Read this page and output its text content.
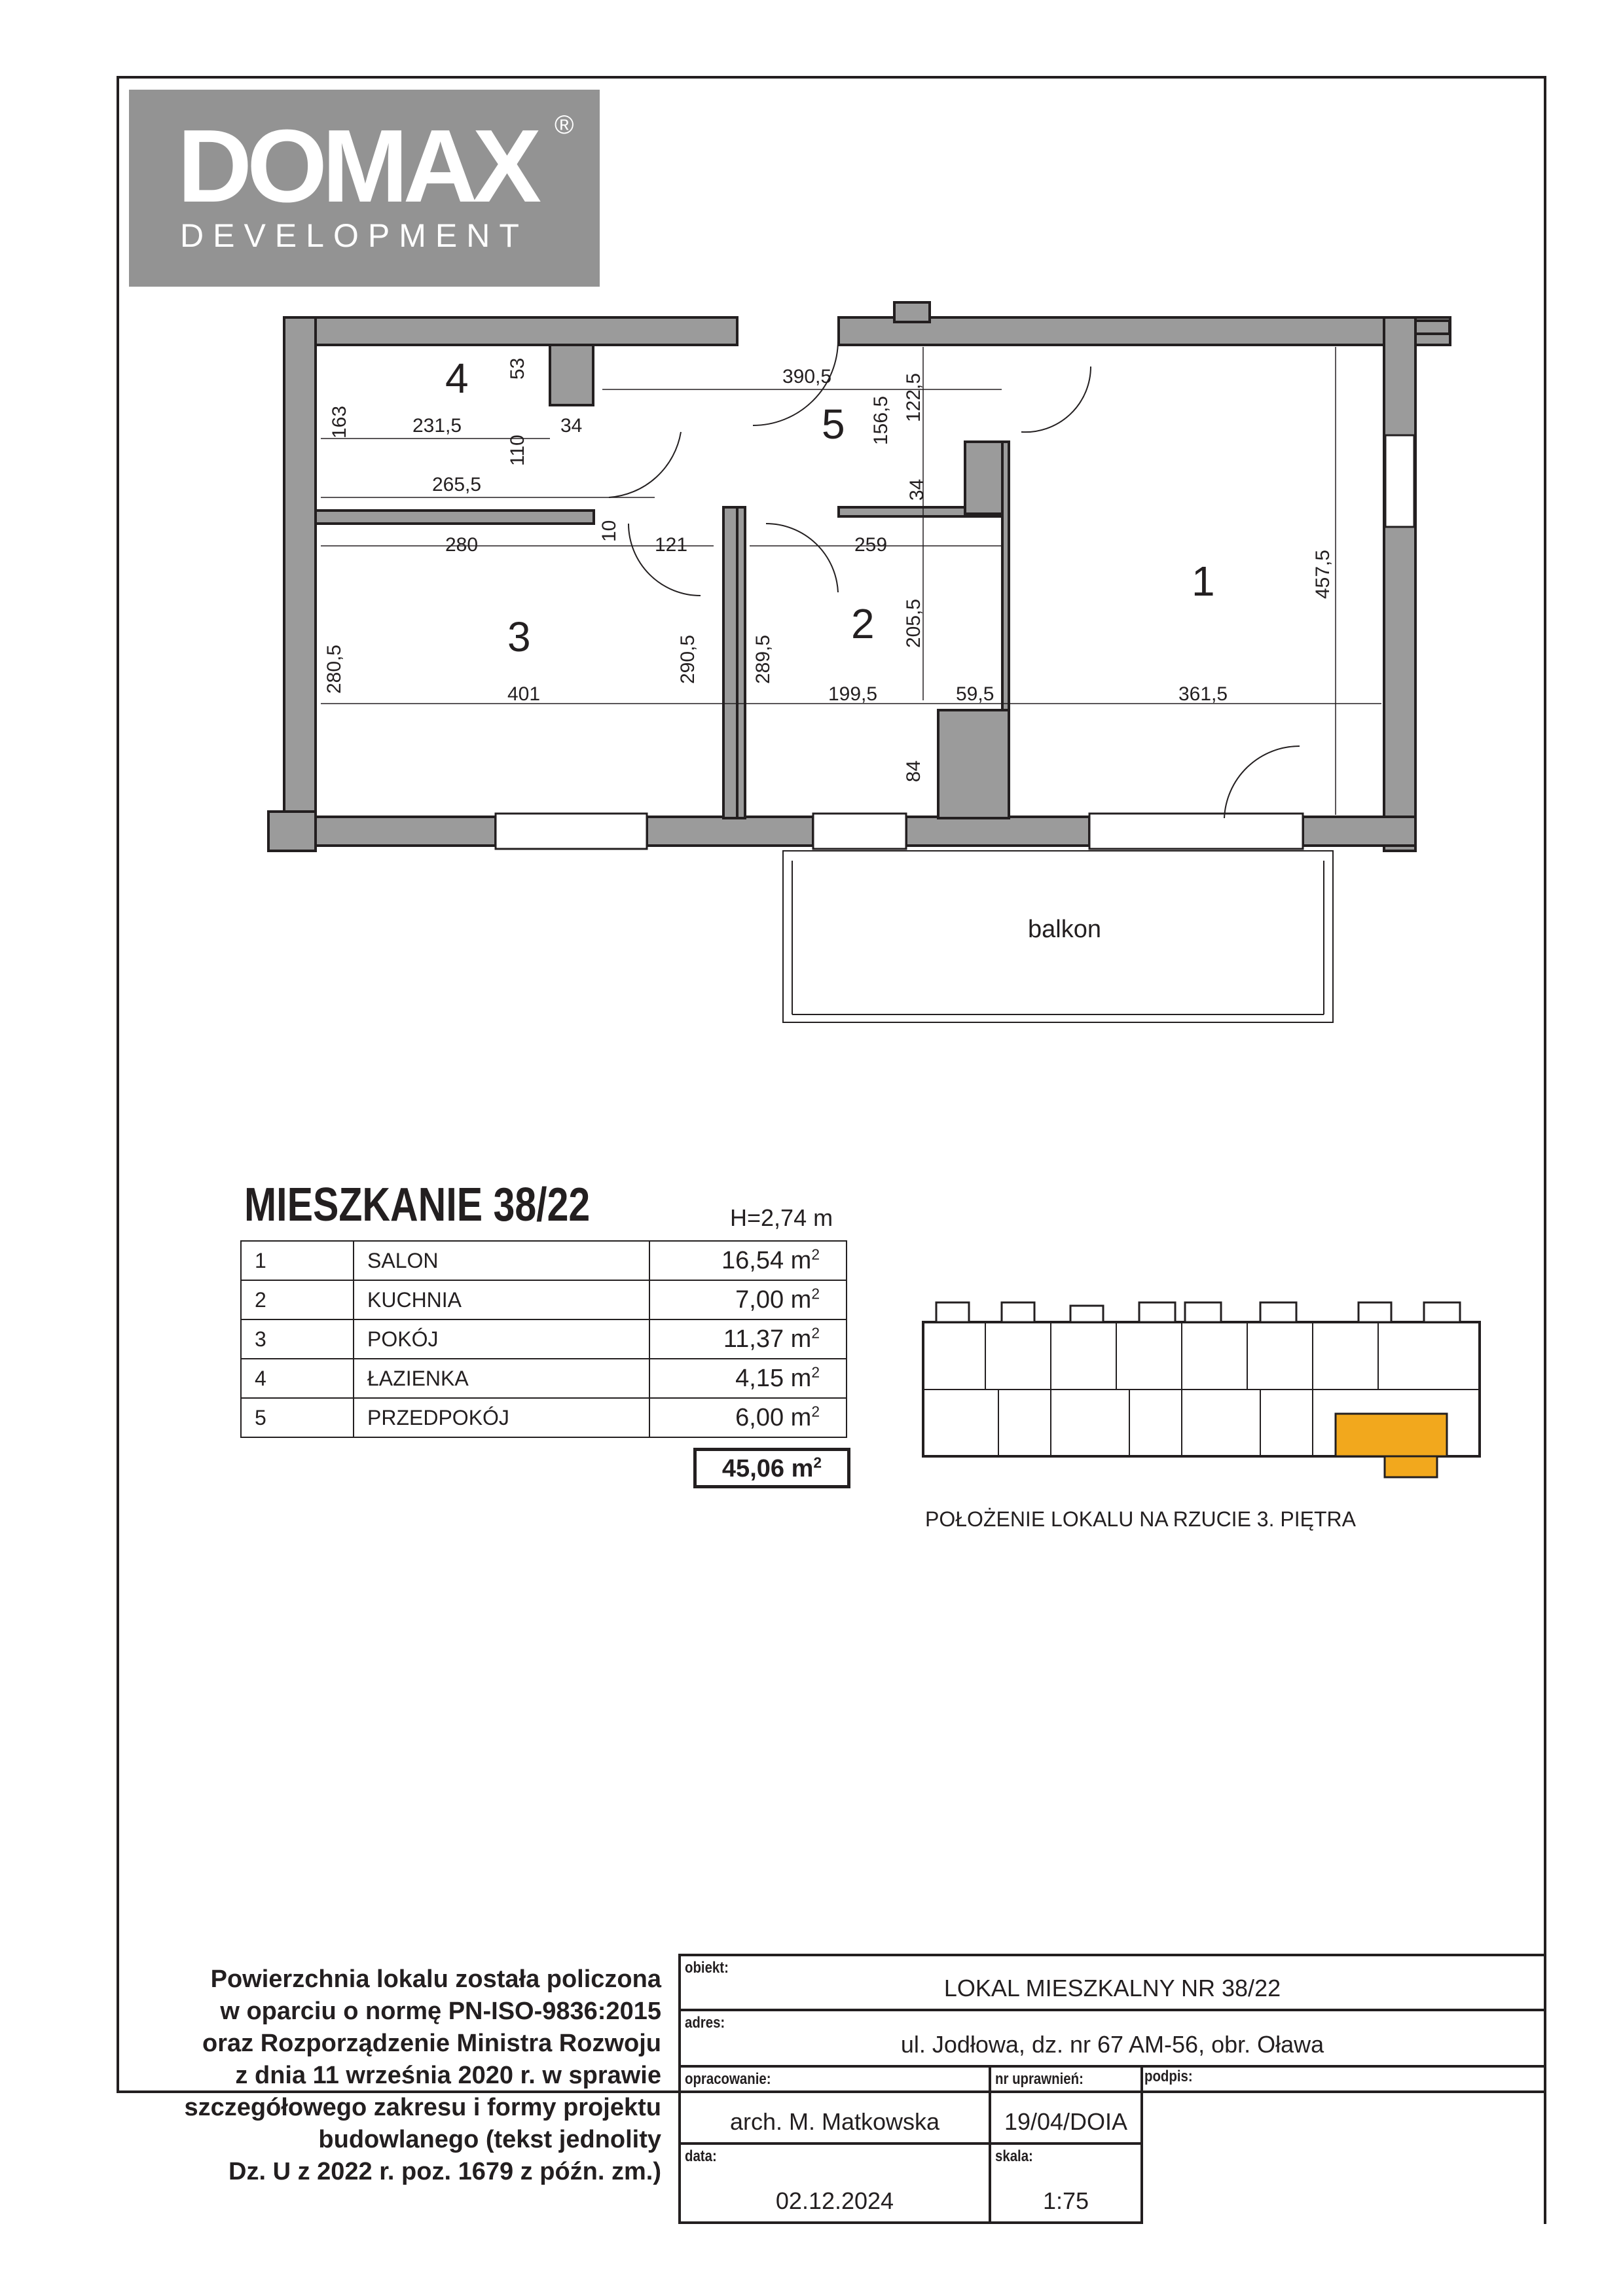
DOMAX ®
DEVELOPMENT
4
5
1
2
3
390,5
156,5 122,5
53
163	231,5	34
110
265,5	34
280
10
121	259
457,5
205,5
280,5
401
290,5	289,5
199,5	59,5	361,5
84
balkon
MIESZKANIE 38/22	H=2,74 m
1	SALON	16,54 $m^2$
2	KUCHNIA	7,00 $m^2$
3	POKÓJ	11,37 $m^2$
4	ŁAZIENKA	4,15 $m^2$
5	PRZEDPOKÓJ	6,00 $m^2$
45,06 $m^2$
POŁOŻENIE LOKALU NA RZUCIE 3. PIĘTRA
Powierzchnia lokalu została policzona
w oparciu o normę PN-ISO-9836:2015
oraz Rozporządzenie Ministra Rozwoju
z dnia 11 września 2020 r. w sprawie
szczegółowego zakresu i formy projektu
budowlanego (tekst jednolity
Dz. U z 2022 r. poz. 1679 z późn. zm.)
obiekt:
LOKAL MIESZKALNY NR 38/22
adres:
ul. Jodłowa, dz. nr 67 AM-56, obr. Oława
opracowanie:
arch. M. Matkowska
nr uprawnień:
19/04/DOIA
podpis:
data:
02.12.2024
skala:
1:75
